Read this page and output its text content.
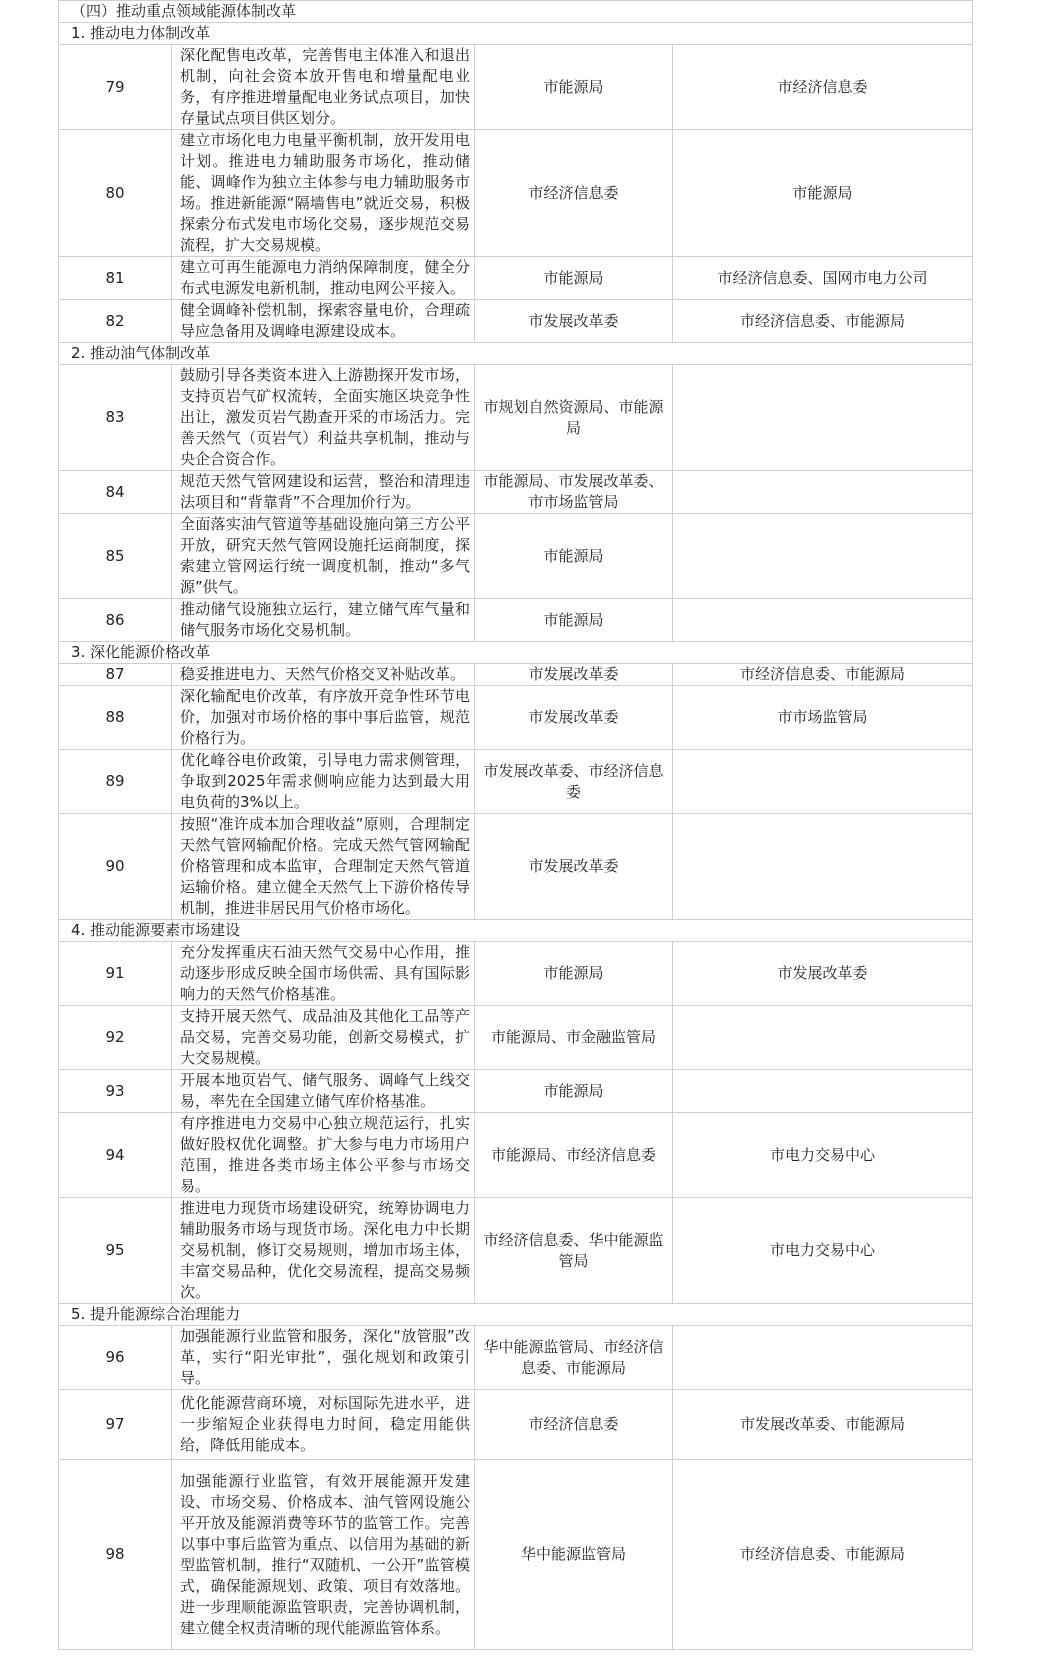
（四）推动重点领域能源体制改革			
1. 推动电力体制改革			
79	深化配售电改革，完善售电主体准入和退出机制，向社会资本放开售电和增量配电业务，有序推进增量配电业务试点项目，加快存量试点项目供区划分。	市能源局	市经济信息委
80	建立市场化电力电量平衡机制，放开发用电计划。推进电力辅助服务市场化，推动储能、调峰作为独立主体参与电力辅助服务市场。推进新能源“隔墙售电”就近交易，积极探索分布式发电市场化交易，逐步规范交易流程，扩大交易规模。	市经济信息委	市能源局
81	建立可再生能源电力消纳保障制度，健全分布式电源发电新机制，推动电网公平接入。	市能源局	市经济信息委、国网市电力公司
82	健全调峰补偿机制，探索容量电价，合理疏导应急备用及调峰电源建设成本。	市发展改革委	市经济信息委、市能源局
2. 推动油气体制改革			
83	鼓励引导各类资本进入上游勘探开发市场，支持页岩气矿权流转，全面实施区块竞争性出让，激发页岩气勘查开采的市场活力。完善天然气（页岩气）利益共享机制，推动与央企合资合作。	市规划自然资源局、市能源局	
84	规范天然气管网建设和运营，整治和清理违法项目和“背靠背”不合理加价行为。	市能源局、市发展改革委、市市场监管局	
85	全面落实油气管道等基础设施向第三方公平开放，研究天然气管网设施托运商制度，探索建立管网运行统一调度机制，推动“多气源”供气。	市能源局	
86	推动储气设施独立运行，建立储气库气量和储气服务市场化交易机制。	市能源局	
3. 深化能源价格改革			
87	稳妥推进电力、天然气价格交叉补贴改革。	市发展改革委	市经济信息委、市能源局
88	深化输配电价改革，有序放开竞争性环节电价，加强对市场价格的事中事后监管，规范价格行为。	市发展改革委	市市场监管局
89	优化峰谷电价政策，引导电力需求侧管理，争取到2025年需求侧响应能力达到最大用电负荷的3%以上。	市发展改革委、市经济信息委	
90	按照“准许成本加合理收益”原则，合理制定天然气管网输配价格。完成天然气管网输配价格管理和成本监审，合理制定天然气管道运输价格。建立健全天然气上下游价格传导机制，推进非居民用气价格市场化。	市发展改革委	
4. 推动能源要素市场建设			
91	充分发挥重庆石油天然气交易中心作用，推动逐步形成反映全国市场供需、具有国际影响力的天然气价格基准。	市能源局	市发展改革委
92	支持开展天然气、成品油及其他化工品等产品交易，完善交易功能，创新交易模式，扩大交易规模。	市能源局、市金融监管局	
93	开展本地页岩气、储气服务、调峰气上线交易，率先在全国建立储气库价格基准。	市能源局	
94	有序推进电力交易中心独立规范运行，扎实做好股权优化调整。扩大参与电力市场用户范围，推进各类市场主体公平参与市场交易。	市能源局、市经济信息委	市电力交易中心
95	推进电力现货市场建设研究，统筹协调电力辅助服务市场与现货市场。深化电力中长期交易机制，修订交易规则，增加市场主体，丰富交易品种，优化交易流程，提高交易频次。	市经济信息委、华中能源监管局	市电力交易中心
5. 提升能源综合治理能力			
96	加强能源行业监管和服务，深化“放管服”改革，实行“阳光审批”，强化规划和政策引导。	华中能源监管局、市经济信息委、市能源局	
97	优化能源营商环境，对标国际先进水平，进一步缩短企业获得电力时间，稳定用能供给，降低用能成本。	市经济信息委	市发展改革委、市能源局
98	加强能源行业监管，有效开展能源开发建设、市场交易、价格成本、油气管网设施公平开放及能源消费等环节的监管工作。完善以事中事后监管为重点、以信用为基础的新型监管机制，推行“双随机、一公开”监管模式，确保能源规划、政策、项目有效落地。进一步理顺能源监管职责，完善协调机制，建立健全权责清晰的现代能源监管体系。	华中能源监管局	市经济信息委、市能源局
